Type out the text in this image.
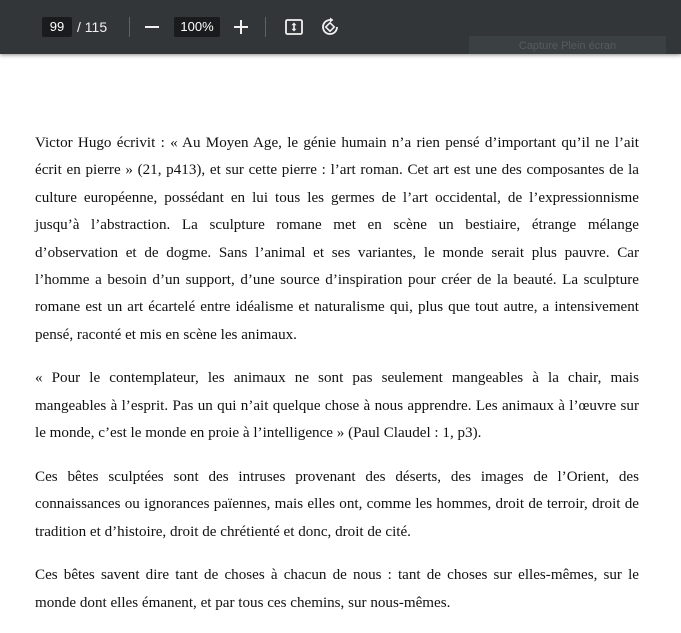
99 / 115	100%
Capture Plein écran

Victor Hugo écrivit : « Au Moyen Age, le génie humain n’a rien pensé d’important qu’il ne l’ait écrit en pierre » (21, p413), et sur cette pierre : l’art roman. Cet art est une des composantes de la culture européenne, possédant en lui tous les germes de l’art occidental, de l’expressionnisme jusqu’à l’abstraction. La sculpture romane met en scène un bestiaire, étrange mélange d’observation et de dogme. Sans l’animal et ses variantes, le monde serait plus pauvre. Car l’homme a besoin d’un support, d’une source d’inspiration pour créer de la beauté. La sculpture romane est un art écartelé entre idéalisme et naturalisme qui, plus que tout autre, a intensivement pensé, raconté et mis en scène les animaux.

« Pour le contemplateur, les animaux ne sont pas seulement mangeables à la chair, mais mangeables à l’esprit. Pas un qui n’ait quelque chose à nous apprendre. Les animaux à l’œuvre sur le monde, c’est le monde en proie à l’intelligence » (Paul Claudel : 1, p3).

Ces bêtes sculptées sont des intruses provenant des déserts, des images de l’Orient, des connaissances ou ignorances païennes, mais elles ont, comme les hommes, droit de terroir, droit de tradition et d’histoire, droit de chrétienté et donc, droit de cité.

Ces bêtes savent dire tant de choses à chacun de nous : tant de choses sur elles-mêmes, sur le monde dont elles émanent, et par tous ces chemins, sur nous-mêmes.
